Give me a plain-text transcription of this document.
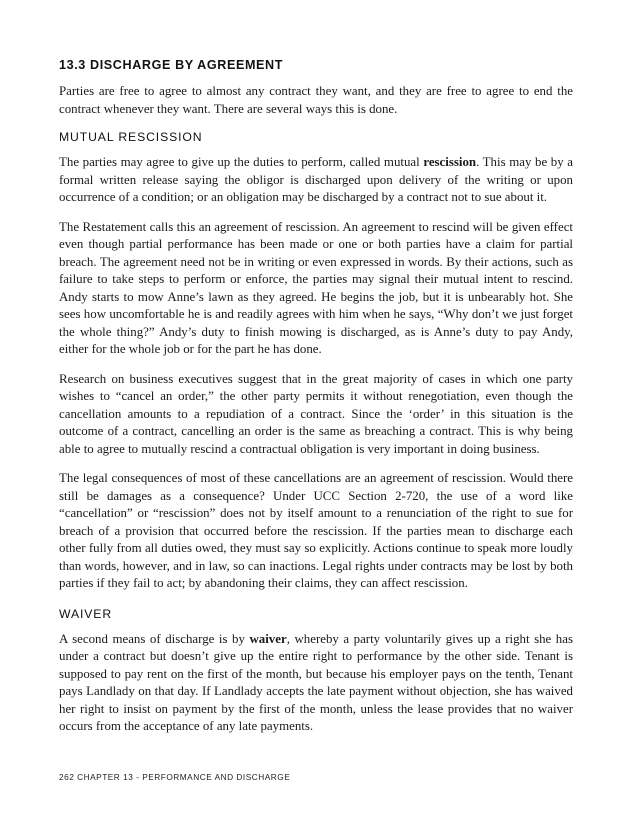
13.3 DISCHARGE BY AGREEMENT

Parties are free to agree to almost any contract they want, and they are free to agree to end the contract whenever they want. There are several ways this is done.

MUTUAL RESCISSION

The parties may agree to give up the duties to perform, called mutual rescission. This may be by a formal written release saying the obligor is discharged upon delivery of the writing or upon occurrence of a condition; or an obligation may be discharged by a contract not to sue about it.

The Restatement calls this an agreement of rescission. An agreement to rescind will be given effect even though partial performance has been made or one or both parties have a claim for partial breach. The agreement need not be in writing or even expressed in words. By their actions, such as failure to take steps to perform or enforce, the parties may signal their mutual intent to rescind. Andy starts to mow Anne’s lawn as they agreed. He begins the job, but it is unbearably hot. She sees how uncomfortable he is and readily agrees with him when he says, “Why don’t we just forget the whole thing?” Andy’s duty to finish mowing is discharged, as is Anne’s duty to pay Andy, either for the whole job or for the part he has done.

Research on business executives suggest that in the great majority of cases in which one party wishes to “cancel an order,” the other party permits it without renegotiation, even though the cancellation amounts to a repudiation of a contract. Since the ‘order’ in this situation is the outcome of a contract, cancelling an order is the same as breaching a contract. This is why being able to agree to mutually rescind a contractual obligation is very important in doing business.

The legal consequences of most of these cancellations are an agreement of rescission. Would there still be damages as a consequence? Under UCC Section 2-720, the use of a word like “cancellation” or “rescission” does not by itself amount to a renunciation of the right to sue for breach of a provision that occurred before the rescission. If the parties mean to discharge each other fully from all duties owed, they must say so explicitly. Actions continue to speak more loudly than words, however, and in law, so can inactions. Legal rights under contracts may be lost by both parties if they fail to act; by abandoning their claims, they can affect rescission.

WAIVER

A second means of discharge is by waiver, whereby a party voluntarily gives up a right she has under a contract but doesn’t give up the entire right to performance by the other side. Tenant is supposed to pay rent on the first of the month, but because his employer pays on the tenth, Tenant pays Landlady on that day. If Landlady accepts the late payment without objection, she has waived her right to insist on payment by the first of the month, unless the lease provides that no waiver occurs from the acceptance of any late payments.

262 CHAPTER 13 - PERFORMANCE AND DISCHARGE
